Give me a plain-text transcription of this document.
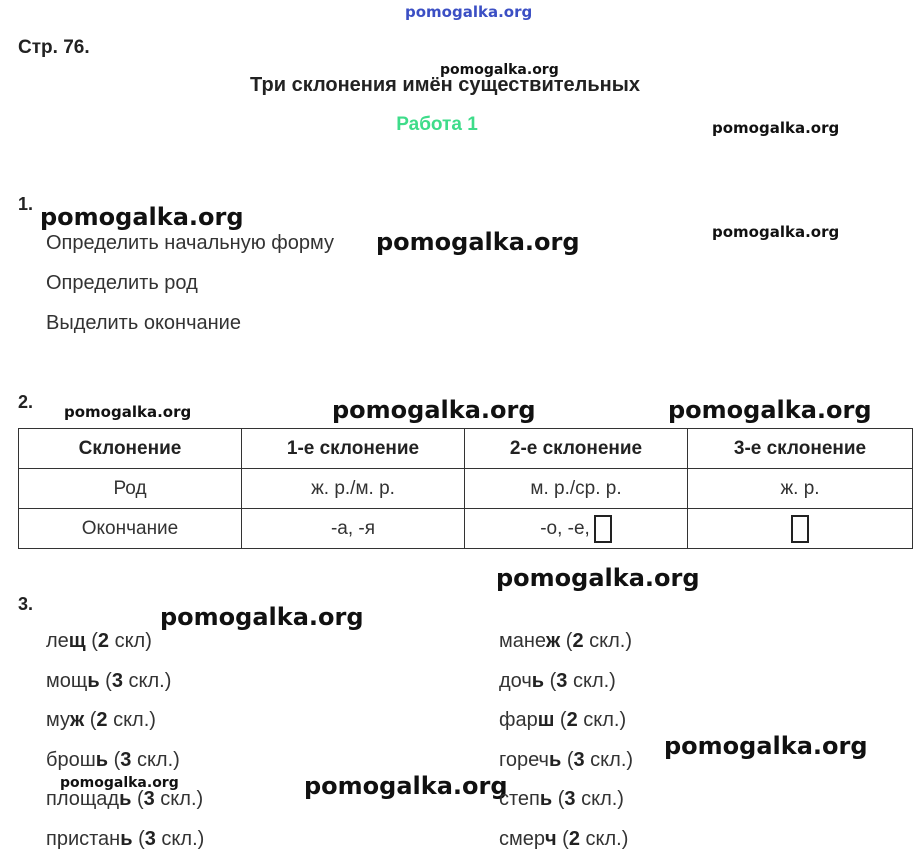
pomogalka.org
Стр. 76.
pomogalka.org
Три склонения имён существительных
Работа 1	pomogalka.org
1. pomogalka.org
Определить начальную форму pomogalka.org	pomogalka.org
Определить род
Выделить окончание
2. pomogalka.org	pomogalka.org	pomogalka.org
Склонение	1-е склонение	2-е склонение	3-е склонение
Род	ж. р./м. р.	м. р./ср. р.	ж. р.
Окончание	-а, -я	-о, -е,	
pomogalka.org
3.	pomogalka.org
pomogalka.org
pomogalka.org	pomogalka.org
лещ (2 скл)
мощь (3 скл.)
муж (2 скл.)
брошь (3 скл.)
площадь (3 скл.)
пристань (3 скл.)
манеж (2 скл.)
дочь (3 скл.)
фарш (2 скл.)
горечь (3 скл.)
степь (3 скл.)
смерч (2 скл.)
